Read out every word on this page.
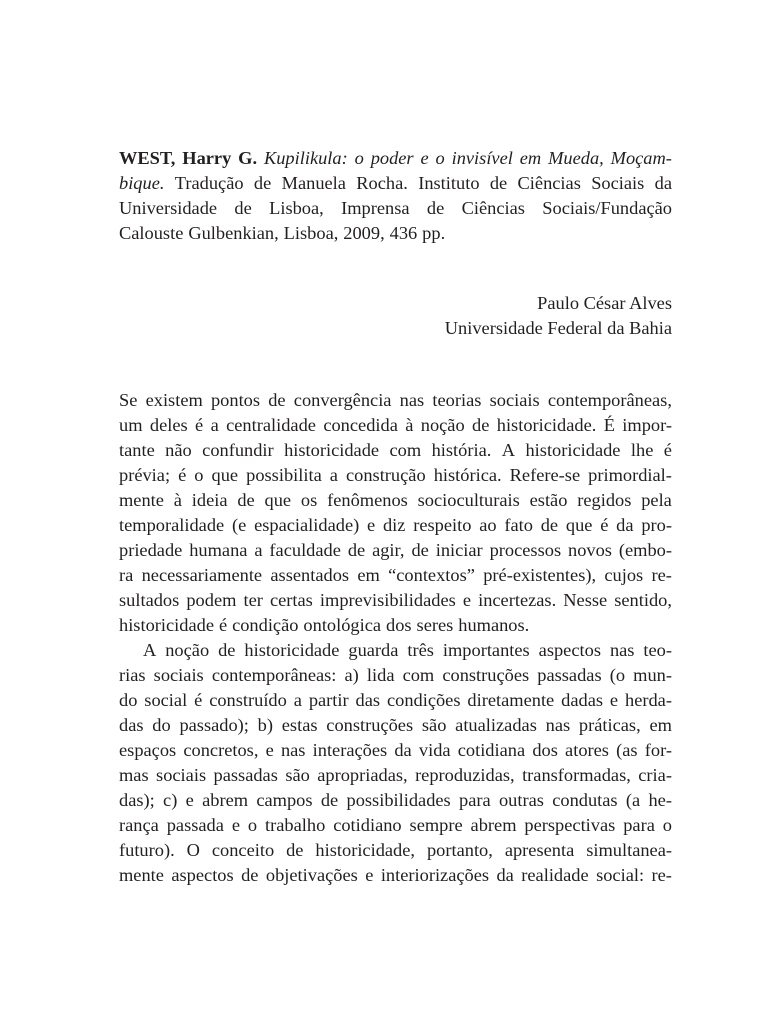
WEST, Harry G. Kupilikula: o poder e o invisível em Mueda, Moçam-
bique. Tradução de Manuela Rocha. Instituto de Ciências Sociais da
Universidade de Lisboa, Imprensa de Ciências Sociais/Fundação
Calouste Gulbenkian, Lisboa, 2009, 436 pp.
Paulo César Alves
Universidade Federal da Bahia
Se existem pontos de convergência nas teorias sociais contemporâneas,
um deles é a centralidade concedida à noção de historicidade. É impor-
tante não confundir historicidade com história. A historicidade lhe é
prévia; é o que possibilita a construção histórica. Refere-se primordial-
mente à ideia de que os fenômenos socioculturais estão regidos pela
temporalidade (e espacialidade) e diz respeito ao fato de que é da pro-
priedade humana a faculdade de agir, de iniciar processos novos (embo-
ra necessariamente assentados em “contextos” pré-existentes), cujos re-
sultados podem ter certas imprevisibilidades e incertezas. Nesse sentido,
historicidade é condição ontológica dos seres humanos.
A noção de historicidade guarda três importantes aspectos nas teo-
rias sociais contemporâneas: a) lida com construções passadas (o mun-
do social é construído a partir das condições diretamente dadas e herda-
das do passado); b) estas construções são atualizadas nas práticas, em
espaços concretos, e nas interações da vida cotidiana dos atores (as for-
mas sociais passadas são apropriadas, reproduzidas, transformadas, cria-
das); c) e abrem campos de possibilidades para outras condutas (a he-
rança passada e o trabalho cotidiano sempre abrem perspectivas para o
futuro). O conceito de historicidade, portanto, apresenta simultanea-
mente aspectos de objetivações e interiorizações da realidade social: re-
